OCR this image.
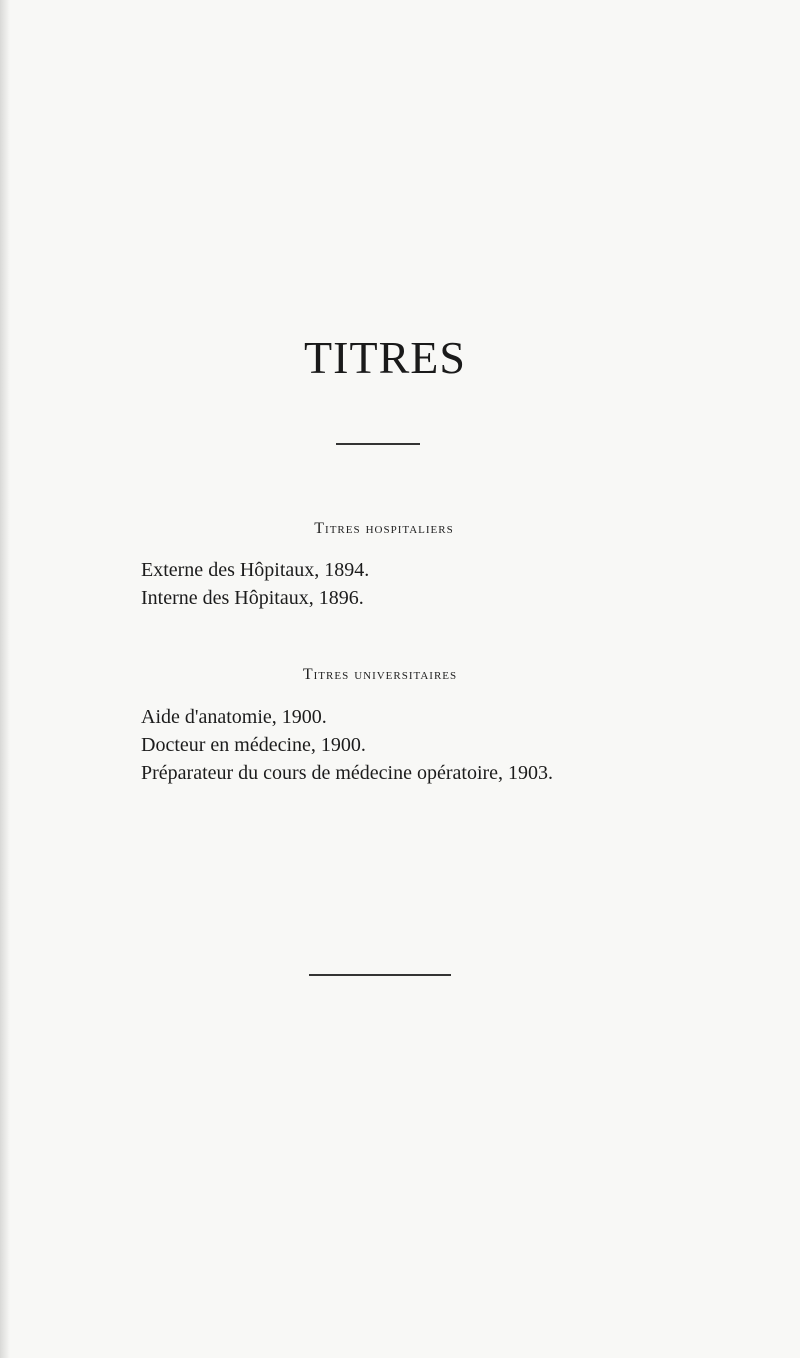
TITRES
Titres hospitaliers
Externe des Hôpitaux, 1894.
Interne des Hôpitaux, 1896.
Titres universitaires
Aide d'anatomie, 1900.
Docteur en médecine, 1900.
Préparateur du cours de médecine opératoire, 1903.
